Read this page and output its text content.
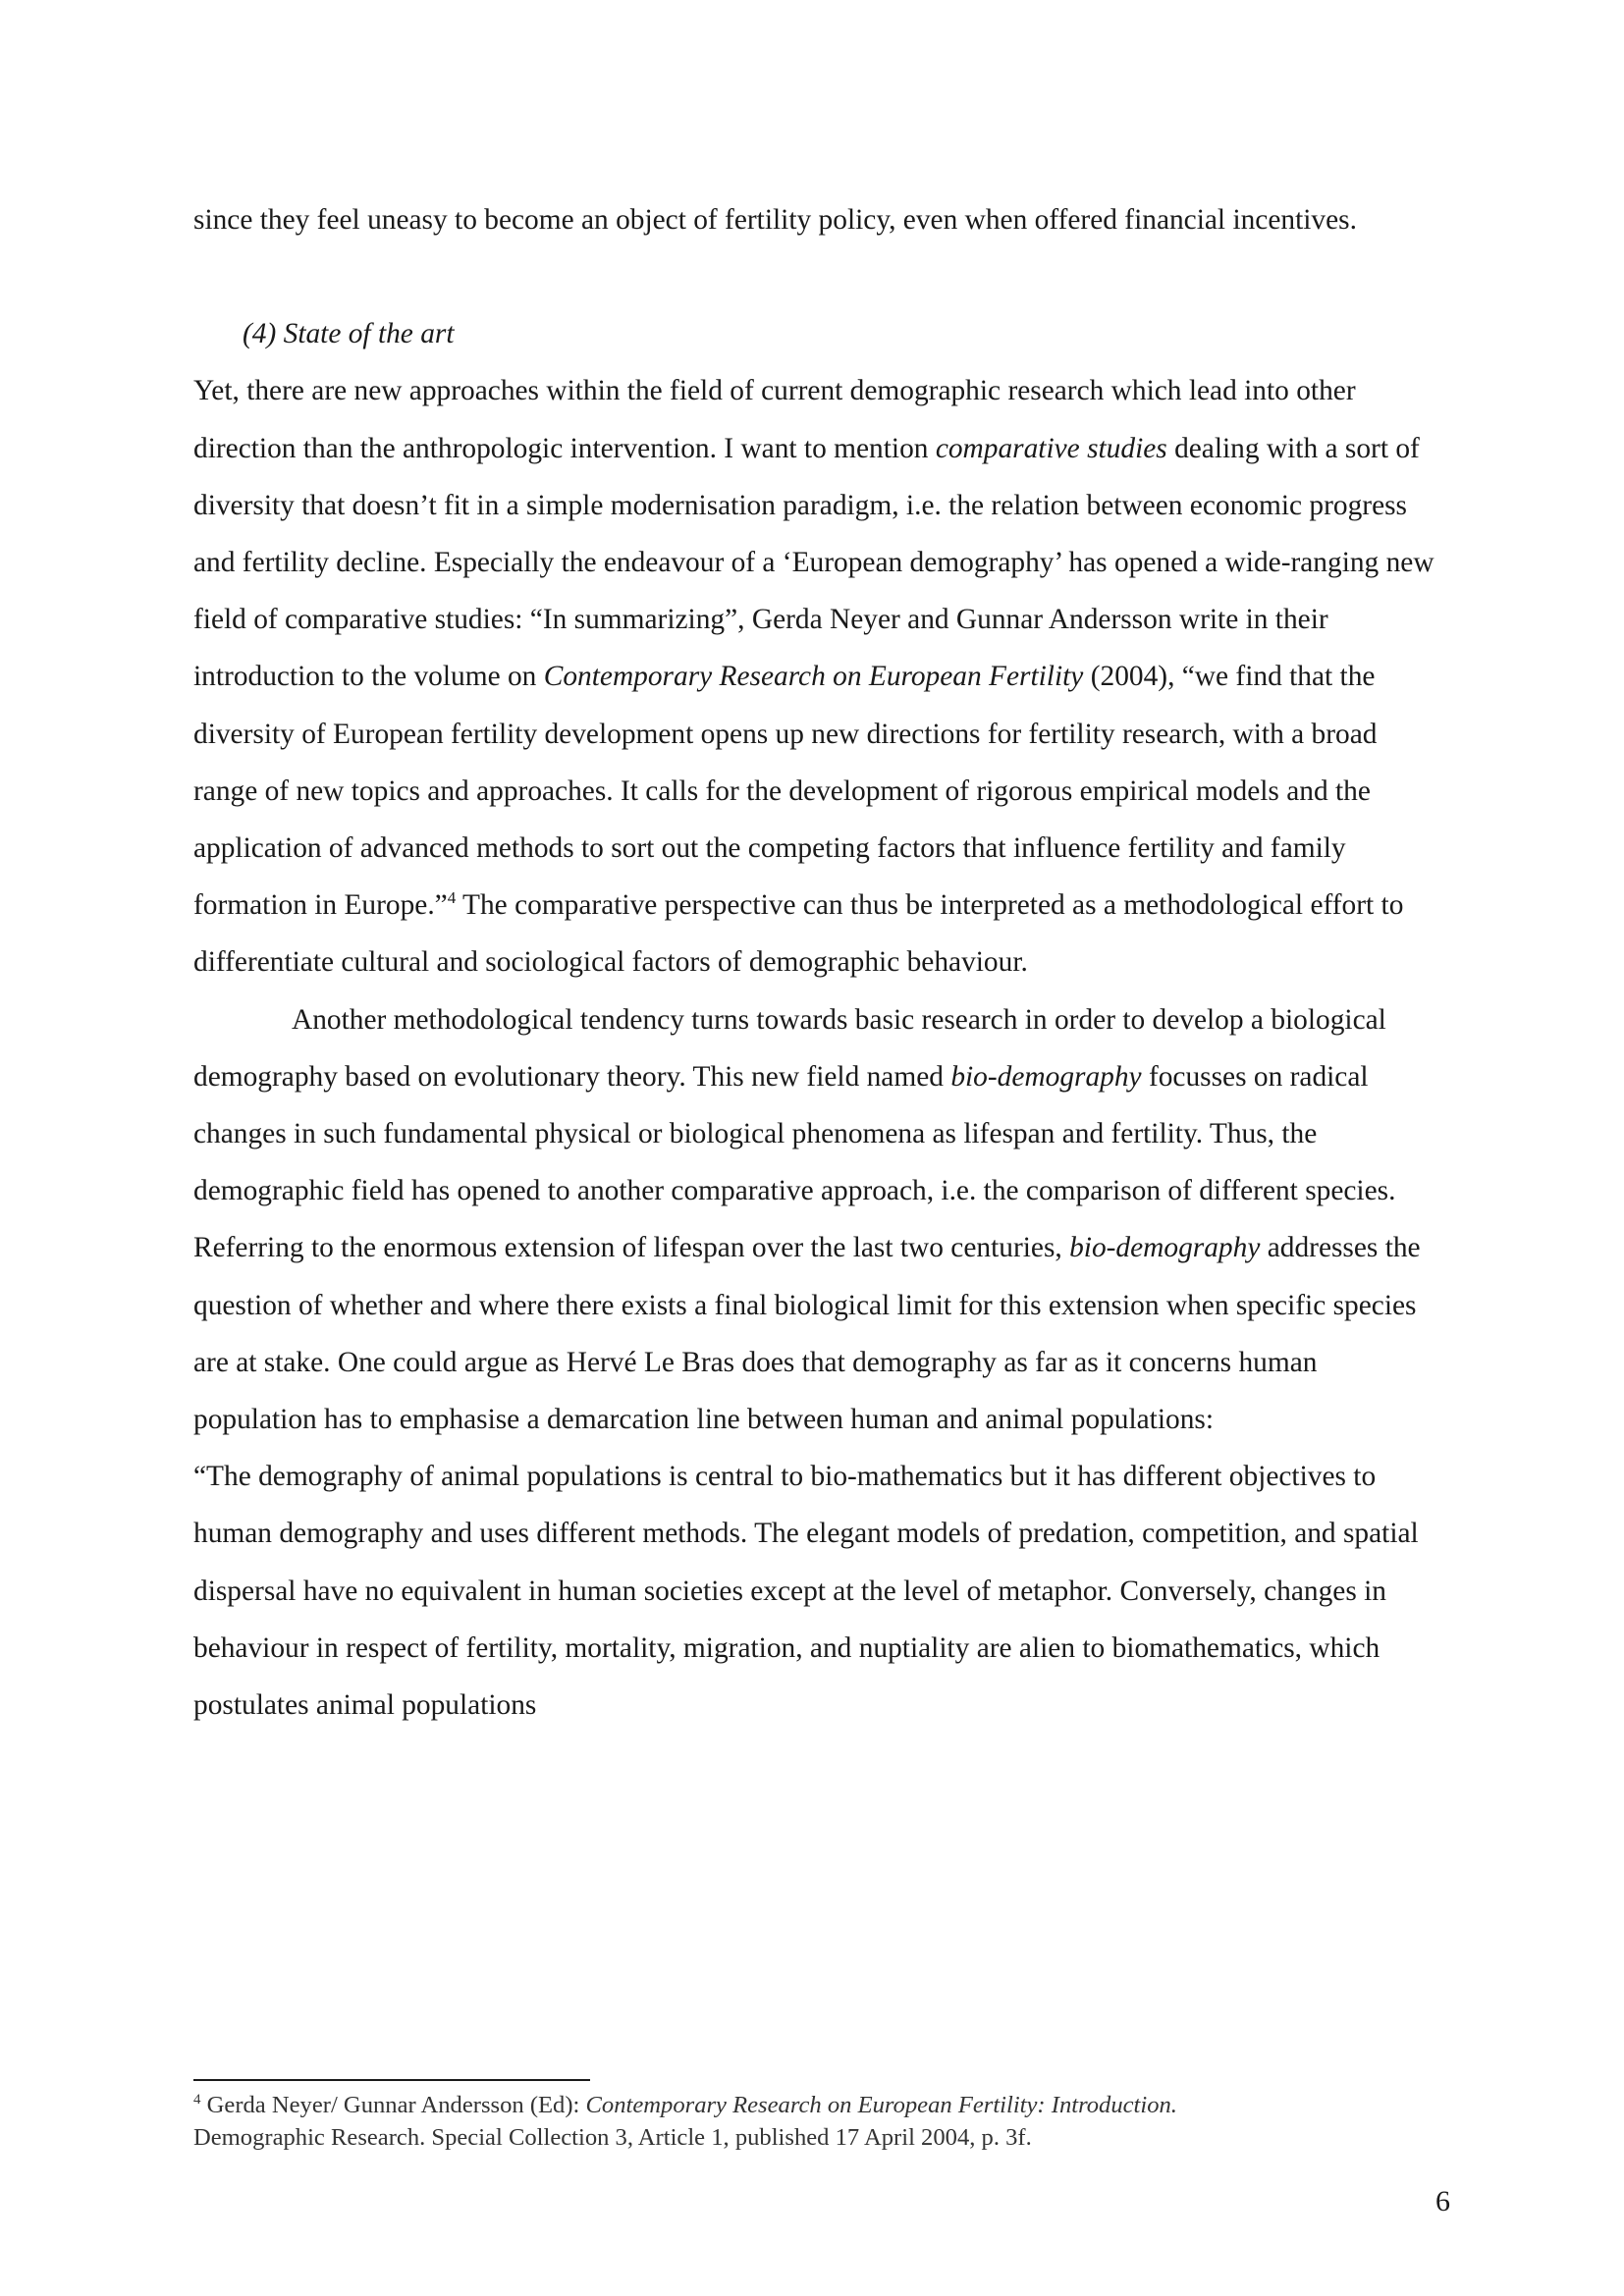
since they feel uneasy to become an object of fertility policy, even when offered financial incentives.

(4) State of the art

Yet, there are new approaches within the field of current demographic research which lead into other direction than the anthropologic intervention. I want to mention comparative studies dealing with a sort of diversity that doesn’t fit in a simple modernisation paradigm, i.e. the relation between economic progress and fertility decline. Especially the endeavour of a ‘European demography’ has opened a wide-ranging new field of comparative studies: “In summarizing”, Gerda Neyer and Gunnar Andersson write in their introduction to the volume on Contemporary Research on European Fertility (2004), “we find that the diversity of European fertility development opens up new directions for fertility research, with a broad range of new topics and approaches. It calls for the development of rigorous empirical models and the application of advanced methods to sort out the competing factors that influence fertility and family formation in Europe.”$^4$ The comparative perspective can thus be interpreted as a methodological effort to differentiate cultural and sociological factors of demographic behaviour.

Another methodological tendency turns towards basic research in order to develop a biological demography based on evolutionary theory. This new field named bio-demography focusses on radical changes in such fundamental physical or biological phenomena as lifespan and fertility. Thus, the demographic field has opened to another comparative approach, i.e. the comparison of different species. Referring to the enormous extension of lifespan over the last two centuries, bio-demography addresses the question of whether and where there exists a final biological limit for this extension when specific species are at stake. One could argue as Hervé Le Bras does that demography as far as it concerns human population has to emphasise a demarcation line between human and animal populations:

“The demography of animal populations is central to bio-mathematics but it has different objectives to human demography and uses different methods. The elegant models of predation, competition, and spatial dispersal have no equivalent in human societies except at the level of metaphor. Conversely, changes in behaviour in respect of fertility, mortality, migration, and nuptiality are alien to biomathematics, which postulates animal populations

$^4$ Gerda Neyer/ Gunnar Andersson (Ed): Contemporary Research on European Fertility: Introduction.

Demographic Research. Special Collection 3, Article 1, published 17 April 2004, p. 3f.

6
